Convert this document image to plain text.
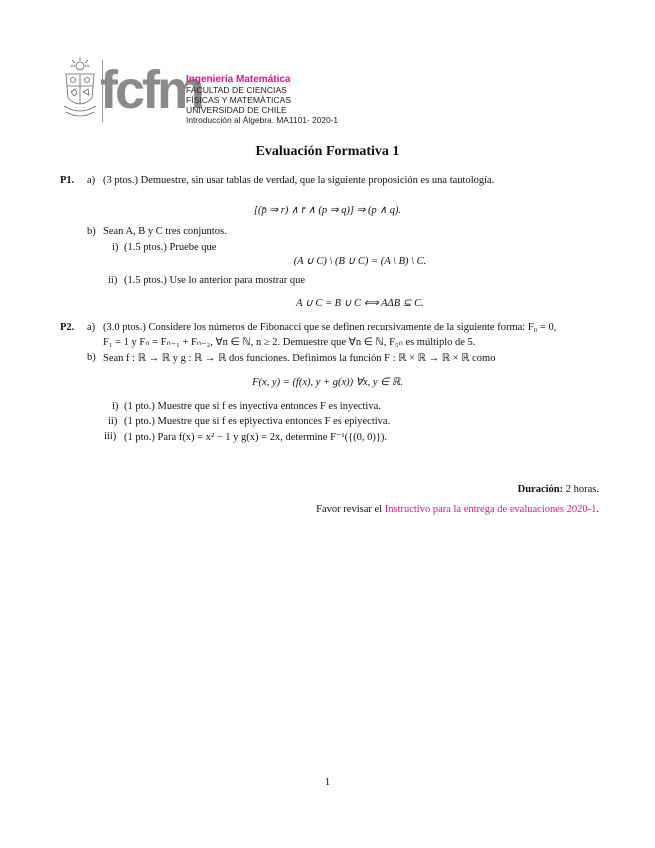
fcfm
Ingeniería Matemática
FACULTAD DE CIENCIAS
FÍSICAS Y MATEMÁTICAS
UNIVERSIDAD DE CHILE
Introducción al Álgebra. MA1101- 2020-1
Evaluación Formativa 1
P1. a) (3 ptos.) Demuestre, sin usar tablas de verdad, que la siguiente proposición es una tautología.
[(p̄ ⇒ r) ∧ r̄ ∧ (p ⇒ q)] ⇒ (p ∧ q).
b) Sean A, B y C tres conjuntos.
i) (1.5 ptos.) Pruebe que
(A ∪ C) \ (B ∪ C) = (A \ B) \ C.
ii) (1.5 ptos.) Use lo anterior para mostrar que
A ∪ C = B ∪ C ⟺ AΔB ⊆ C.
P2. a) (3.0 ptos.) Considere los números de Fibonacci que se definen recursivamente de la siguiente forma: F₀ = 0,
F₁ = 1 y Fₙ = Fₙ₋₁ + Fₙ₋₂, ∀n ∈ ℕ, n ≥ 2. Demuestre que ∀n ∈ ℕ, F₅ₙ es múltiplo de 5.
b) Sean f : ℝ → ℝ y g : ℝ → ℝ dos funciones. Definimos la función F : ℝ × ℝ → ℝ × ℝ como
F(x, y) = (f(x), y + g(x)) ∀x, y ∈ ℝ.
i) (1 pto.) Muestre que si f es inyectiva entonces F es inyectiva.
ii) (1 pto.) Muestre que si f es epiyectiva entonces F es epiyectiva.
iii) (1 pto.) Para f(x) = x² − 1 y g(x) = 2x, determine F⁻¹({(0, 0)}).
Duración: 2 horas.
Favor revisar el Instructivo para la entrega de evaluaciones 2020-1.
1
